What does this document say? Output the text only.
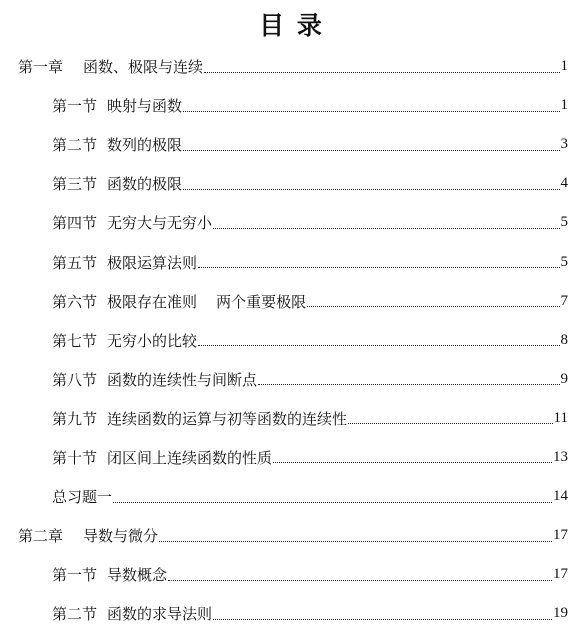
目 录
第一章 函数、极限与连续	1
第一节 映射与函数	1
第二节 数列的极限	3
第三节 函数的极限	4
第四节 无穷大与无穷小	5
第五节 极限运算法则	5
第六节 极限存在准则    两个重要极限	7
第七节 无穷小的比较	8
第八节 函数的连续性与间断点	9
第九节 连续函数的运算与初等函数的连续性	11
第十节 闭区间上连续函数的性质	13
总习题一	14
第二章 导数与微分	17
第一节 导数概念	17
第二节 函数的求导法则	19
